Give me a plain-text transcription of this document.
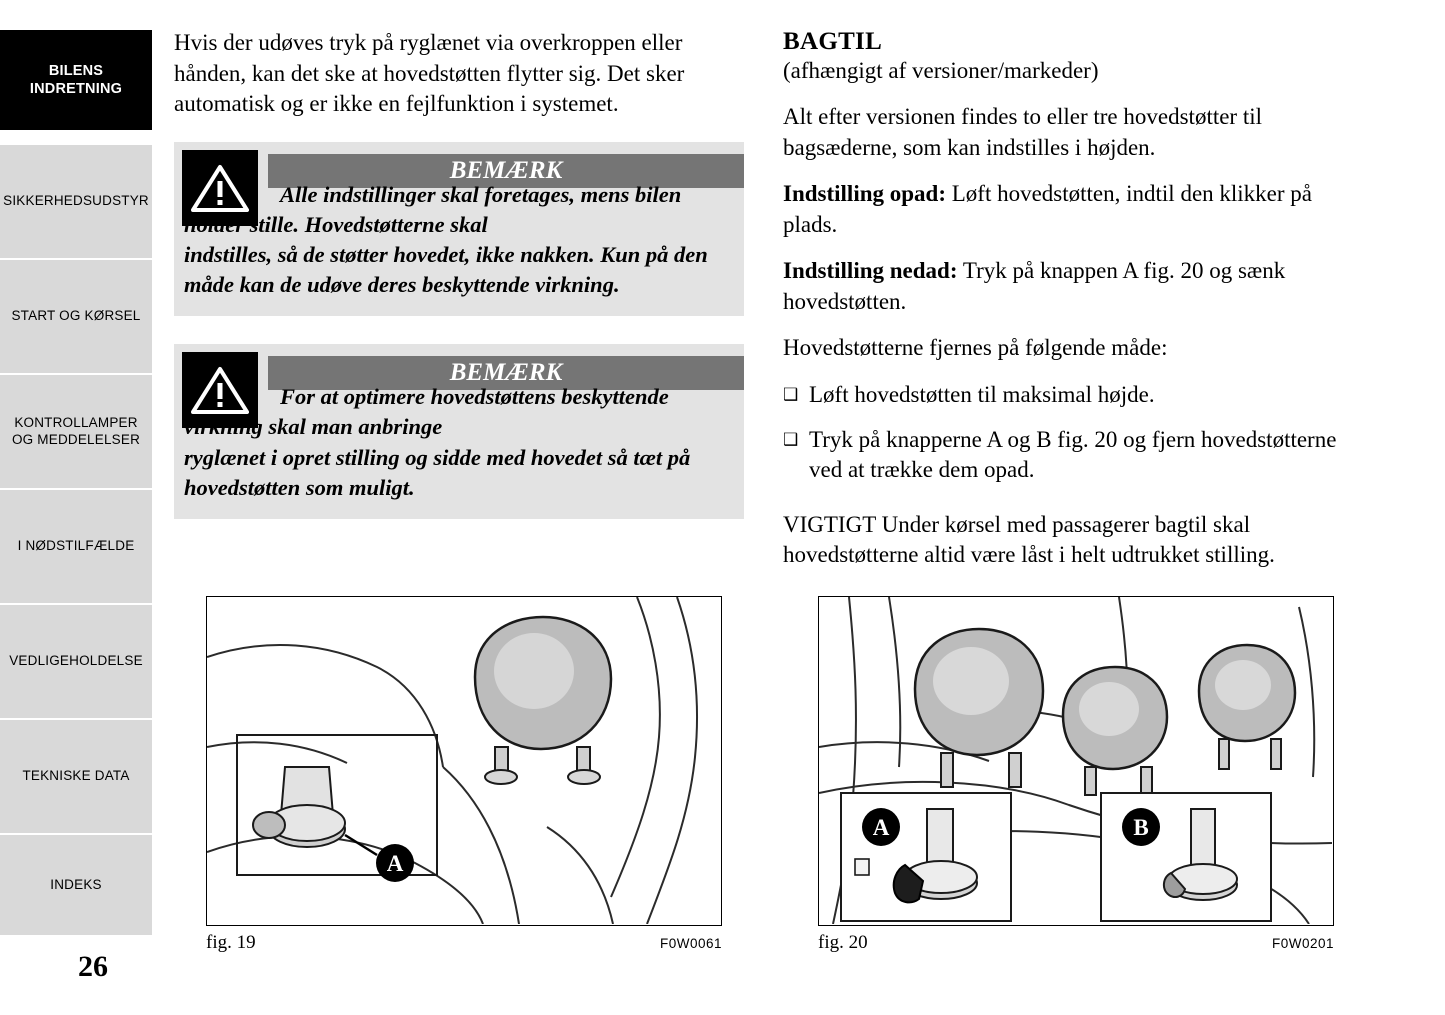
BILENS INDRETNING
SIKKERHEDSUDSTYR
START OG KØRSEL
KONTROLLAMPER OG MEDDELELSER
I NØDSTILFÆLDE
VEDLIGEHOLDELSE
TEKNISKE DATA
INDEKS
26

Hvis der udøves tryk på ryglænet via overkroppen eller hånden, kan det ske at hovedstøtten flytter sig. Det sker automatisk og er ikke en fejlfunktion i systemet.

BEMÆRK
Alle indstillinger skal foretages, mens bilen holder stille. Hovedstøtterne skal
indstilles, så de støtter hovedet, ikke nakken. Kun på den måde kan de udøve deres beskyttende virkning.
BEMÆRK
For at optimere hovedstøttens beskyttende virkning skal man anbringe
ryglænet i opret stilling og sidde med hovedet så tæt på hovedstøtten som muligt.
BAGTIL

(afhængigt af versioner/markeder)

Alt efter versionen findes to eller tre hovedstøtter til bagsæderne, som kan indstilles i højden.

Indstilling opad: Løft hovedstøtten, indtil den klikker på plads.

Indstilling nedad: Tryk på knappen A fig. 20 og sænk hovedstøtten.

Hovedstøtterne fjernes på følgende måde:

❑ Løft hovedstøtten til maksimal højde.
❑ Tryk på knapperne A og B fig. 20 og fjern hovedstøtterne ved at trække dem opad.

VIGTIGT Under kørsel med passagerer bagtil skal hovedstøtterne altid være låst i helt udtrukket stilling.

A
fig. 19	F0W0061
A	B
fig. 20	F0W0201
